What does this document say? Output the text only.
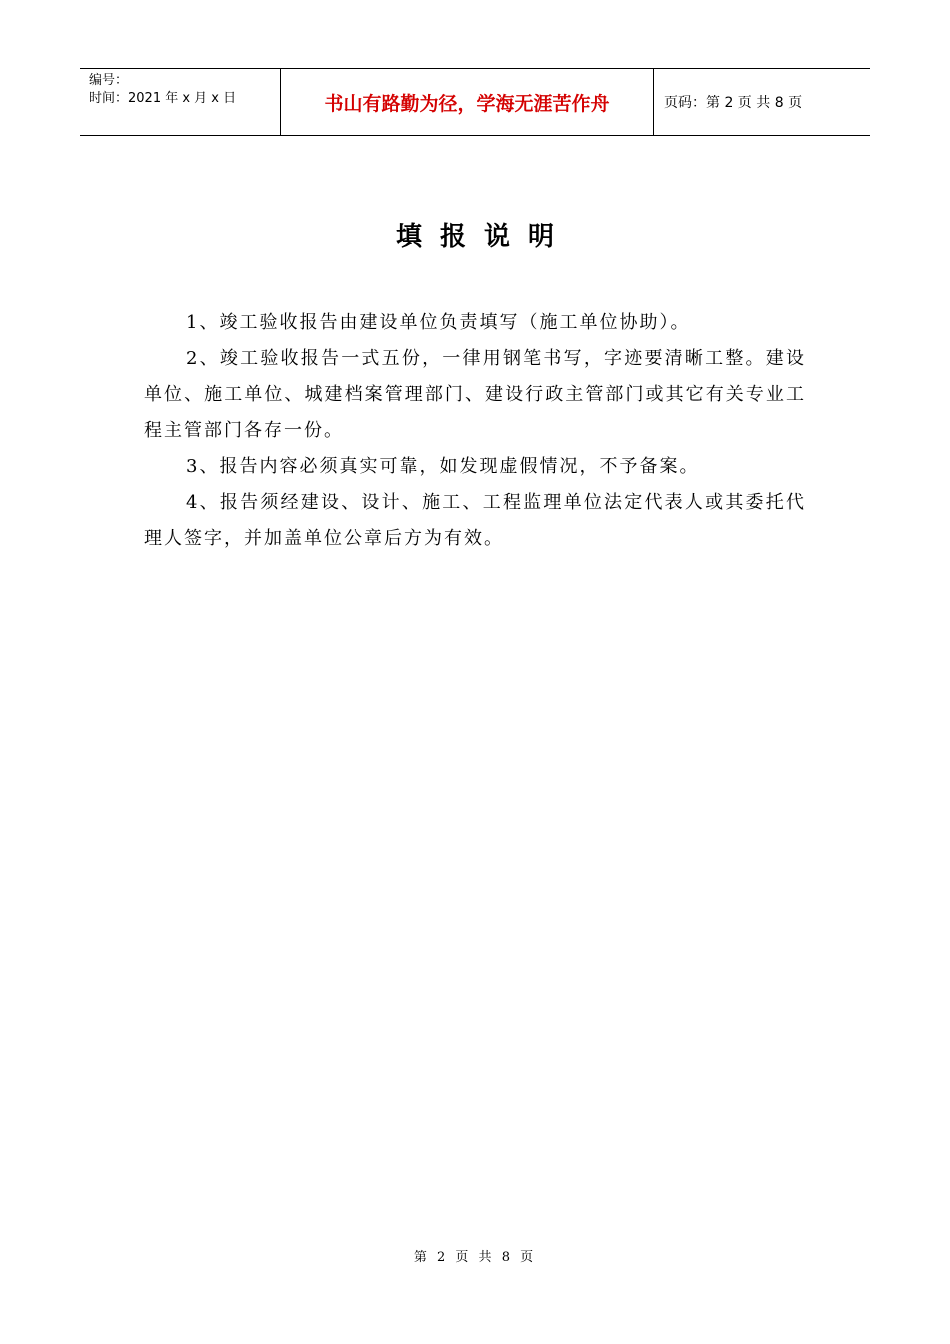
编号：
时间：2021 年 x 月 x 日	书山有路勤为径，学海无涯苦作舟	页码：第 2 页 共 8 页
填报说明

1、竣工验收报告由建设单位负责填写（施工单位协助）。

2、竣工验收报告一式五份，一律用钢笔书写，字迹要清晰工整。建设单位、施工单位、城建档案管理部门、建设行政主管部门或其它有关专业工程主管部门各存一份。

3、报告内容必须真实可靠，如发现虚假情况，不予备案。

4、报告须经建设、设计、施工、工程监理单位法定代表人或其委托代理人签字，并加盖单位公章后方为有效。

第 2 页 共 8 页
